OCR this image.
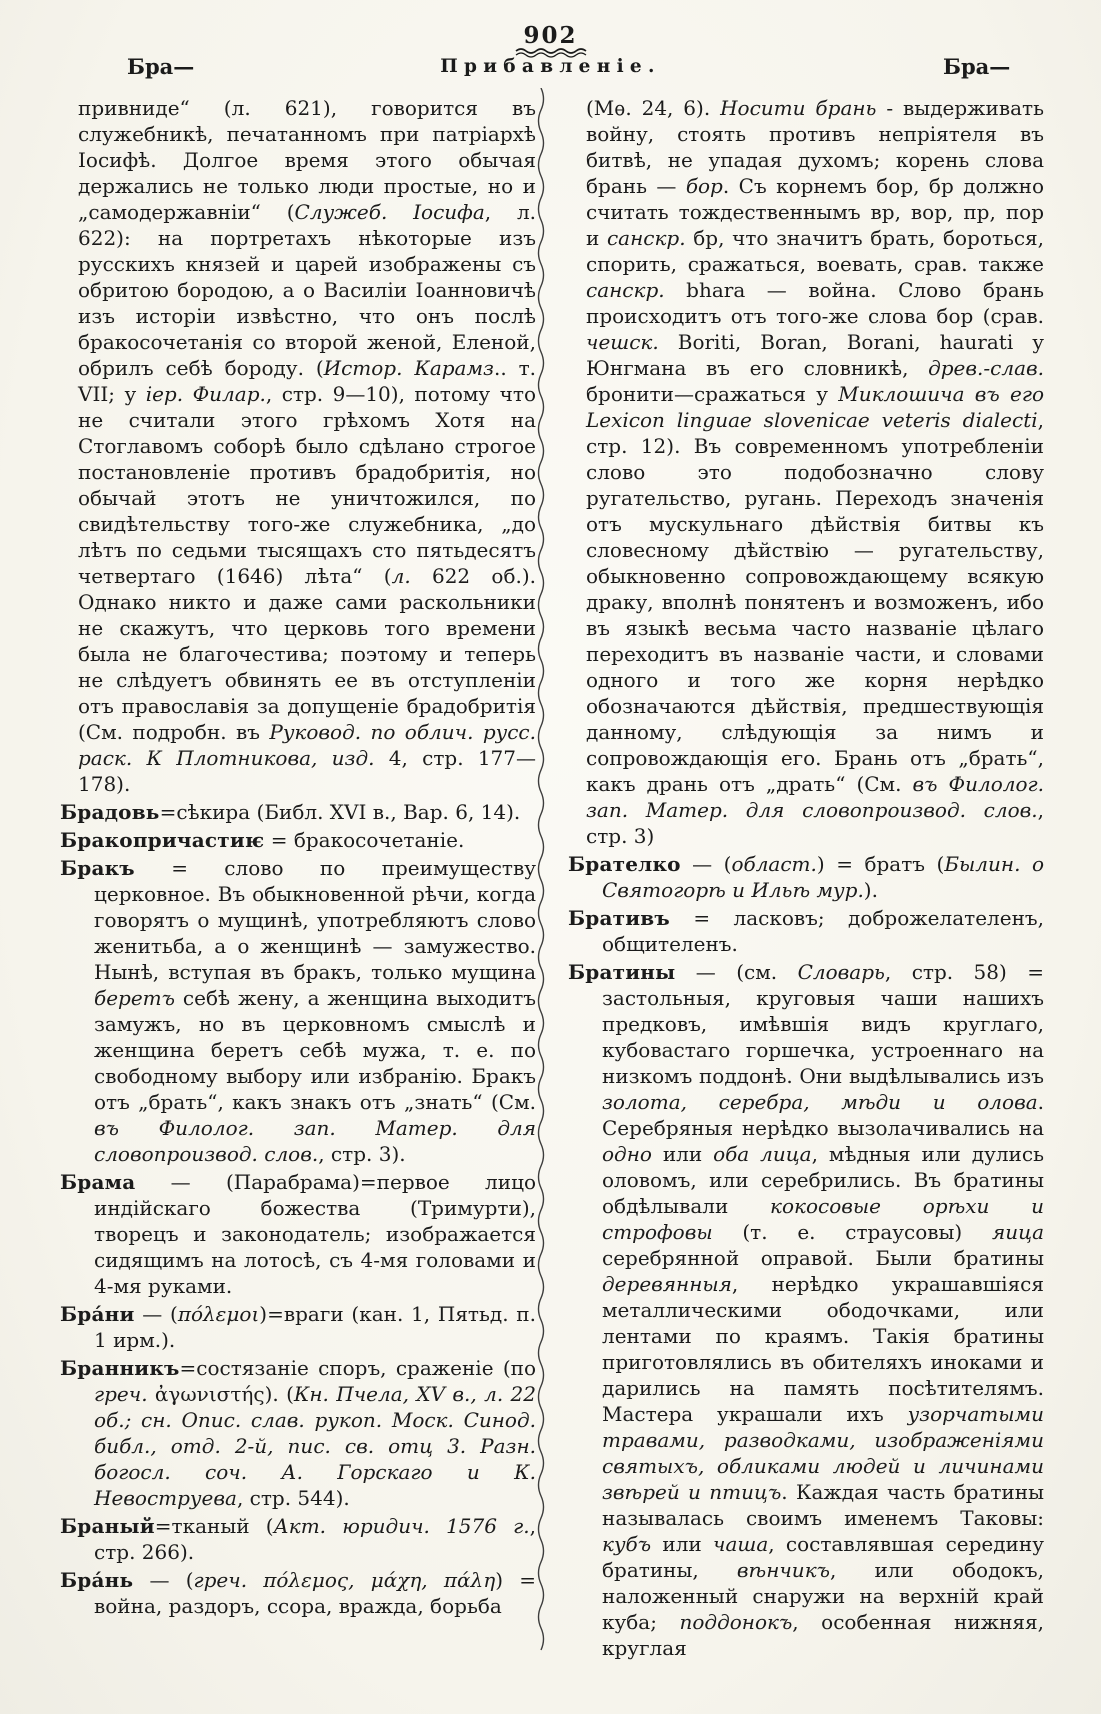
902
Бра—	Прибавленіе.	Бра—

привниде“ (л. 621), говорится въ служебникѣ, печатанномъ при патріархѣ Іосифѣ. Долгое время этого обычая держались не только люди простые, но и „самодержавніи“ (Служеб. Іосифа, л. 622): на портретахъ нѣкоторые изъ русскихъ князей и царей изображены съ обритою бородою, а о Василіи Іоанновичѣ изъ исторіи извѣстно, что онъ послѣ бракосочетанія со второй женой, Еленой, обрилъ себѣ бороду. (Истор. Карамз.. т. VII; у іер. Филар., стр. 9—10), потому что не считали этого грѣхомъ Хотя на Стоглавомъ соборѣ было сдѣлано строгое постановленіе противъ брадобритія, но обычай этотъ не уничтожился, по свидѣтельству того-же служебника, „до лѣтъ по седьми тысящахъ сто пятьдесятъ четвертаго (1646) лѣта“ (л. 622 об.). Однако никто и даже сами раскольники не скажутъ, что церковь того времени была не благочестива; поэтому и теперь не слѣдуетъ обвинять ее въ отступленіи отъ православія за допущеніе брадобритія (См. подробн. въ Руковод. по облич. русс. раск. К Плотникова, изд. 4, стр. 177—178).

Брадовь=сѣкира (Библ. XVI в., Вар. 6, 14).

Бракопричастиѥ = бракосочетаніе.

Бракъ = слово по преимуществу церковное. Въ обыкновенной рѣчи, когда говорятъ о мущинѣ, употребляютъ слово женитьба, а о женщинѣ — замужество. Нынѣ, вступая въ бракъ, только мущина беретъ себѣ жену, а женщина выходитъ замужъ, но въ церковномъ смыслѣ и женщина беретъ себѣ мужа, т. е. по свободному выбору или избранію. Бракъ отъ „брать“, какъ знакъ отъ „знать“ (См. въ Филолог. зап. Матер. для словопроизвод. слов., стр. 3).

Брама — (Парабрама)=первое лицо индійскаго божества (Тримурти), творецъ и законодатель; изображается сидящимъ на лотосѣ, съ 4-мя головами и 4-мя руками.

Бра́ни — (πόλεμοι)=враги (кан. 1, Пятьд. п. 1 ирм.).

Бранникъ=состязаніе споръ, сраженіе (по греч. ἀγωνιστής). (Кн. Пчела, XV в., л. 22 об.; сн. Опис. слав. рукоп. Моск. Синод. библ., отд. 2-й, пис. св. отц 3. Разн. богосл. соч. А. Горскаго и К. Невоструева, стр. 544).

Браный=тканый (Акт. юридич. 1576 г., стр. 266).

Бра́нь — (греч. πόλεμος, μάχη, πάλη) = война, раздоръ, ссора, вражда, борьба

(Мѳ. 24, 6). Носити брань - выдерживать войну, стоять противъ непріятеля въ битвѣ, не упадая духомъ; корень слова брань — бор. Съ корнемъ бор, бр должно считать тождественнымъ вр, вор, пр, пор и санскр. бр, что значитъ брать, бороться, спорить, сражаться, воевать, срав. также санскр. bhara — война. Слово брань происходитъ отъ того-же слова бор (срав. чешск. Boriti, Boran, Borani, haurati у Юнгмана въ его словникѣ, древ.-слав. бронити—сражаться у Миклошича въ его Lexicon linguae slovenicae veteris dialecti, стр. 12). Въ современномъ употребленіи слово это подобозначно слову ругательство, ругань. Переходъ значенія отъ мускульнаго дѣйствія битвы къ словесному дѣйствію — ругательству, обыкновенно сопровождающему всякую драку, вполнѣ понятенъ и возможенъ, ибо въ языкѣ весьма часто названіе цѣлаго переходитъ въ названіе части, и словами одного и того же корня нерѣдко обозначаются дѣйствія, предшествующія данному, слѣдующія за нимъ и сопровождающія его. Брань отъ „брать“, какъ дрань отъ „драть“ (См. въ Филолог. зап. Матер. для словопроизвод. слов., стр. 3)

Брателко — (област.) = братъ (Былин. о Святогорѣ и Ильѣ мур.).

Бративъ = ласковъ; доброжелателенъ, общителенъ.

Братины — (см. Словарь, стр. 58) = застольныя, круговыя чаши нашихъ предковъ, имѣвшія видъ круглаго, кубовастаго горшечка, устроеннаго на низкомъ поддонѣ. Они выдѣлывались изъ золота, серебра, мѣди и олова. Серебряныя нерѣдко вызолачивались на одно или оба лица, мѣдныя или дулись оловомъ, или серебрились. Въ братины обдѣлывали кокосовые орѣхи и строфовы (т. е. страусовы) яица серебрянной оправой. Были братины деревянныя, нерѣдко украшавшіяся металлическими ободочками, или лентами по краямъ. Такія братины приготовлялись въ обителяхъ иноками и дарились на память посѣтителямъ. Мастера украшали ихъ узорчатыми травами, разводками, изображеніями святыхъ, обликами людей и личинами звѣрей и птицъ. Каждая часть братины называлась своимъ именемъ Таковы: кубъ или чаша, составлявшая середину братины, вѣнчикъ, или ободокъ, наложенный снаружи на верхній край куба; поддонокъ, особенная нижняя, круглая
